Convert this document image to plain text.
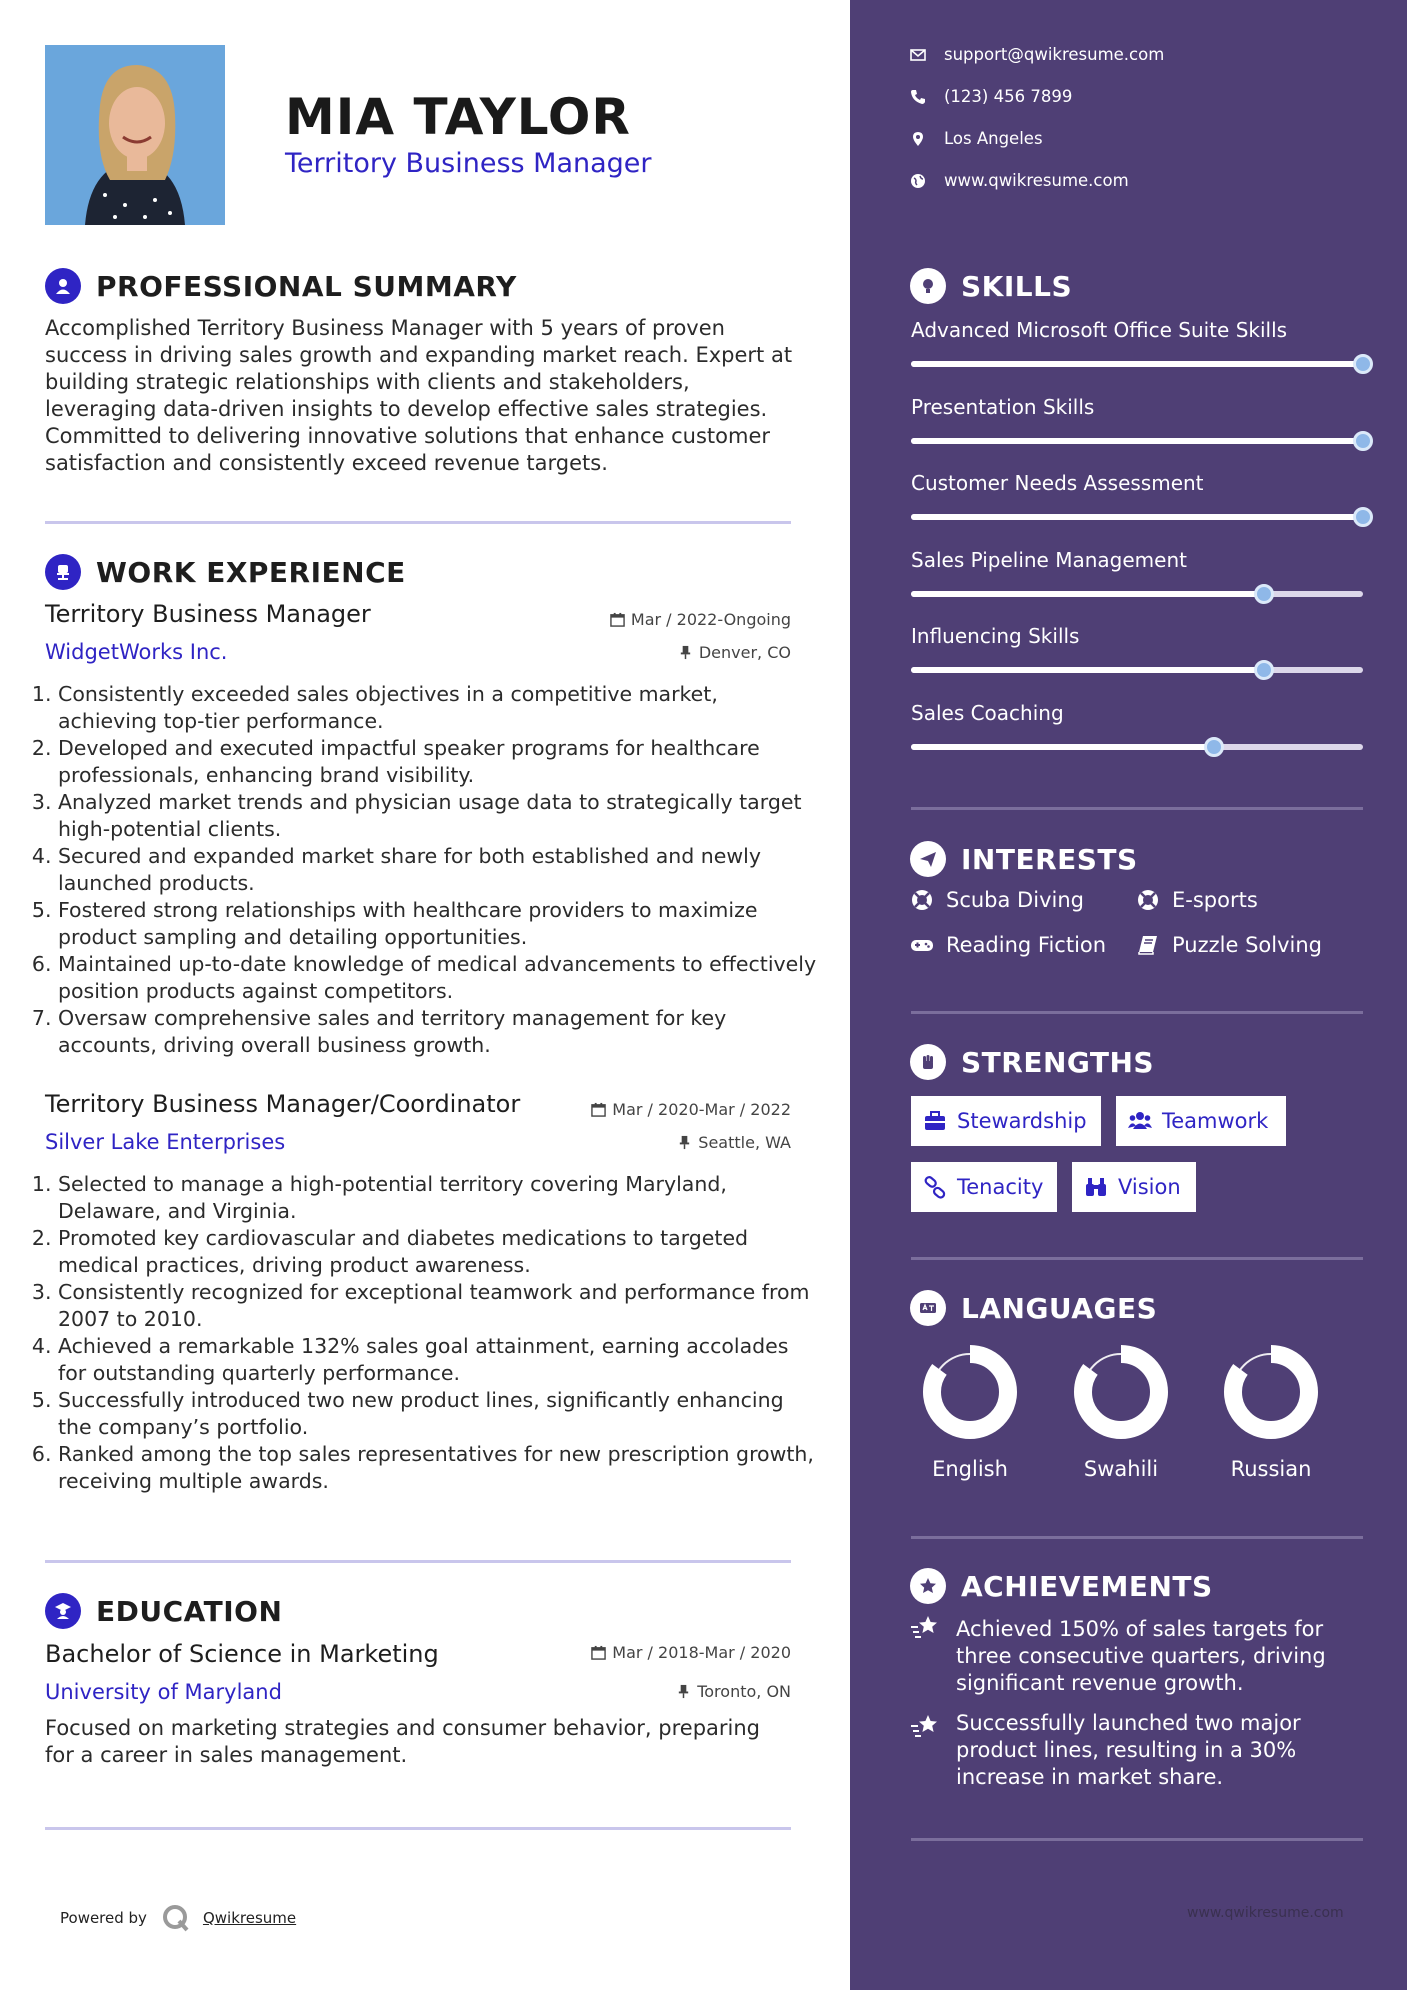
MIA TAYLOR
Territory Business Manager
PROFESSIONAL SUMMARY
Accomplished Territory Business Manager with 5 years of proven success in driving sales growth and expanding market reach. Expert at building strategic relationships with clients and stakeholders, leveraging data-driven insights to develop effective sales strategies. Committed to delivering innovative solutions that enhance customer satisfaction and consistently exceed revenue targets.
WORK EXPERIENCE
Territory Business Manager
WidgetWorks Inc.
Mar / 2022-Ongoing
Denver, CO
1. Consistently exceeded sales objectives in a competitive market, achieving top-tier performance.
2. Developed and executed impactful speaker programs for healthcare professionals, enhancing brand visibility.
3. Analyzed market trends and physician usage data to strategically target high-potential clients.
4. Secured and expanded market share for both established and newly launched products.
5. Fostered strong relationships with healthcare providers to maximize product sampling and detailing opportunities.
6. Maintained up-to-date knowledge of medical advancements to effectively position products against competitors.
7. Oversaw comprehensive sales and territory management for key accounts, driving overall business growth.
Territory Business Manager/Coordinator
Silver Lake Enterprises
Mar / 2020-Mar / 2022
Seattle, WA
1. Selected to manage a high-potential territory covering Maryland, Delaware, and Virginia.
2. Promoted key cardiovascular and diabetes medications to targeted medical practices, driving product awareness.
3. Consistently recognized for exceptional teamwork and performance from 2007 to 2010.
4. Achieved a remarkable 132% sales goal attainment, earning accolades for outstanding quarterly performance.
5. Successfully introduced two new product lines, significantly enhancing the company’s portfolio.
6. Ranked among the top sales representatives for new prescription growth, receiving multiple awards.
EDUCATION
Bachelor of Science in Marketing
University of Maryland
Mar / 2018-Mar / 2020
Toronto, ON
Focused on marketing strategies and consumer behavior, preparing for a career in sales management.
Powered by	Qwikresume
support@qwikresume.com
(123) 456 7899
Los Angeles
www.qwikresume.com
SKILLS
Advanced Microsoft Office Suite Skills
Presentation Skills
Customer Needs Assessment
Sales Pipeline Management
Influencing Skills
Sales Coaching
INTERESTS
Scuba Diving	E-sports
Reading Fiction	Puzzle Solving
STRENGTHS
Stewardship	Teamwork
Tenacity	Vision
LANGUAGES
English	Swahili	Russian
ACHIEVEMENTS
Achieved 150% of sales targets for three consecutive quarters, driving significant revenue growth.
Successfully launched two major product lines, resulting in a 30% increase in market share.
www.qwikresume.com
